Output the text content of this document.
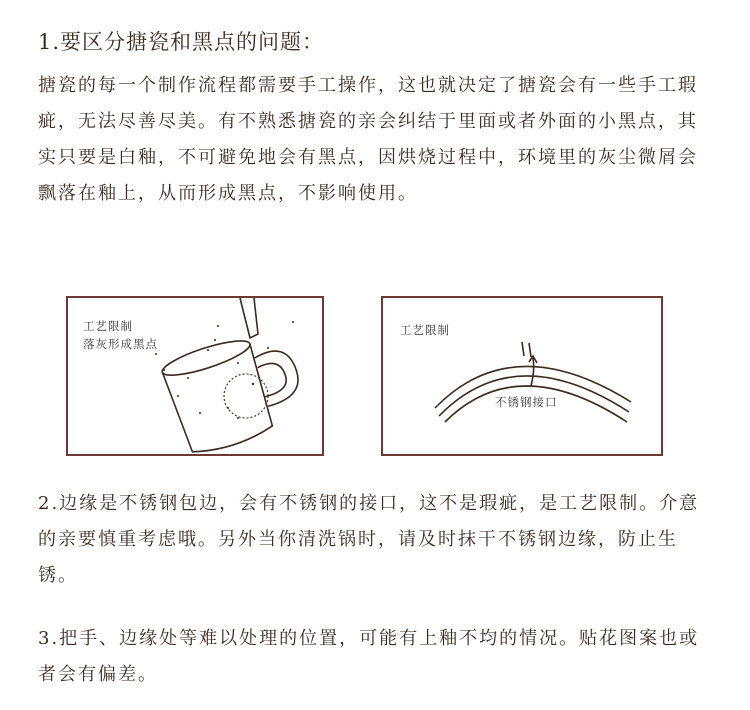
1.要区分搪瓷和黑点的问题：
搪瓷的每一个制作流程都需要手工操作，这也就决定了搪瓷会有一些手工瑕疵，无法尽善尽美。有不熟悉搪瓷的亲会纠结于里面或者外面的小黑点，其实只要是白釉，不可避免地会有黑点，因烘烧过程中，环境里的灰尘微屑会飘落在釉上，从而形成黑点，不影响使用。
工艺限制
落灰形成黑点
工艺限制
不锈钢接口
2.边缘是不锈钢包边，会有不锈钢的接口，这不是瑕疵，是工艺限制。介意的亲要慎重考虑哦。另外当你清洗锅时，请及时抹干不锈钢边缘，防止生锈。
3.把手、边缘处等难以处理的位置，可能有上釉不均的情况。贴花图案也或者会有偏差。
